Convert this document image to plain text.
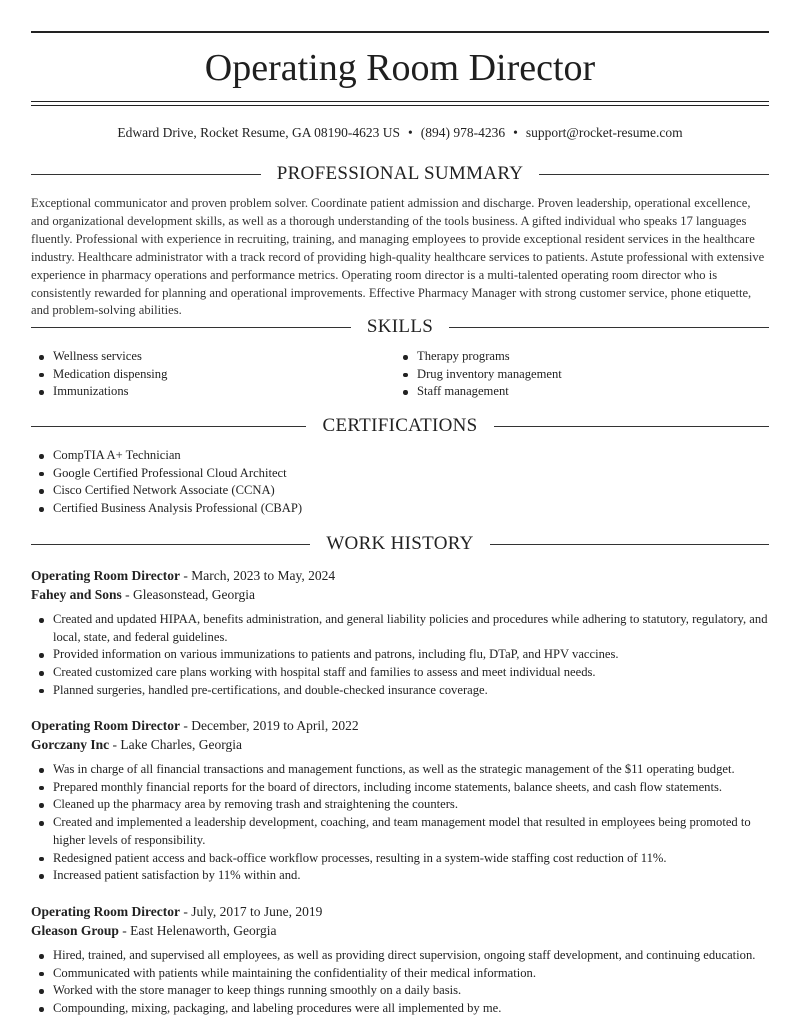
Operating Room Director
Edward Drive, Rocket Resume, GA 08190-4623 US • (894) 978-4236 • support@rocket-resume.com
PROFESSIONAL SUMMARY
Exceptional communicator and proven problem solver. Coordinate patient admission and discharge. Proven leadership, operational excellence, and organizational development skills, as well as a thorough understanding of the tools business. A gifted individual who speaks 17 languages fluently. Professional with experience in recruiting, training, and managing employees to provide exceptional resident services in the healthcare industry. Healthcare administrator with a track record of providing high-quality healthcare services to patients. Astute professional with extensive experience in pharmacy operations and performance metrics. Operating room director is a multi-talented operating room director who is consistently rewarded for planning and operational improvements. Effective Pharmacy Manager with strong customer service, phone etiquette, and problem-solving abilities.
SKILLS
Wellness services
Medication dispensing
Immunizations
Therapy programs
Drug inventory management
Staff management
CERTIFICATIONS
CompTIA A+ Technician
Google Certified Professional Cloud Architect
Cisco Certified Network Associate (CCNA)
Certified Business Analysis Professional (CBAP)
WORK HISTORY
Operating Room Director - March, 2023 to May, 2024
Fahey and Sons - Gleasonstead, Georgia
Created and updated HIPAA, benefits administration, and general liability policies and procedures while adhering to statutory, regulatory, and local, state, and federal guidelines.
Provided information on various immunizations to patients and patrons, including flu, DTaP, and HPV vaccines.
Created customized care plans working with hospital staff and families to assess and meet individual needs.
Planned surgeries, handled pre-certifications, and double-checked insurance coverage.
Operating Room Director - December, 2019 to April, 2022
Gorczany Inc - Lake Charles, Georgia
Was in charge of all financial transactions and management functions, as well as the strategic management of the $11 operating budget.
Prepared monthly financial reports for the board of directors, including income statements, balance sheets, and cash flow statements.
Cleaned up the pharmacy area by removing trash and straightening the counters.
Created and implemented a leadership development, coaching, and team management model that resulted in employees being promoted to higher levels of responsibility.
Redesigned patient access and back-office workflow processes, resulting in a system-wide staffing cost reduction of 11%.
Increased patient satisfaction by 11% within and.
Operating Room Director - July, 2017 to June, 2019
Gleason Group - East Helenaworth, Georgia
Hired, trained, and supervised all employees, as well as providing direct supervision, ongoing staff development, and continuing education.
Communicated with patients while maintaining the confidentiality of their medical information.
Worked with the store manager to keep things running smoothly on a daily basis.
Compounding, mixing, packaging, and labeling procedures were all implemented by me.
